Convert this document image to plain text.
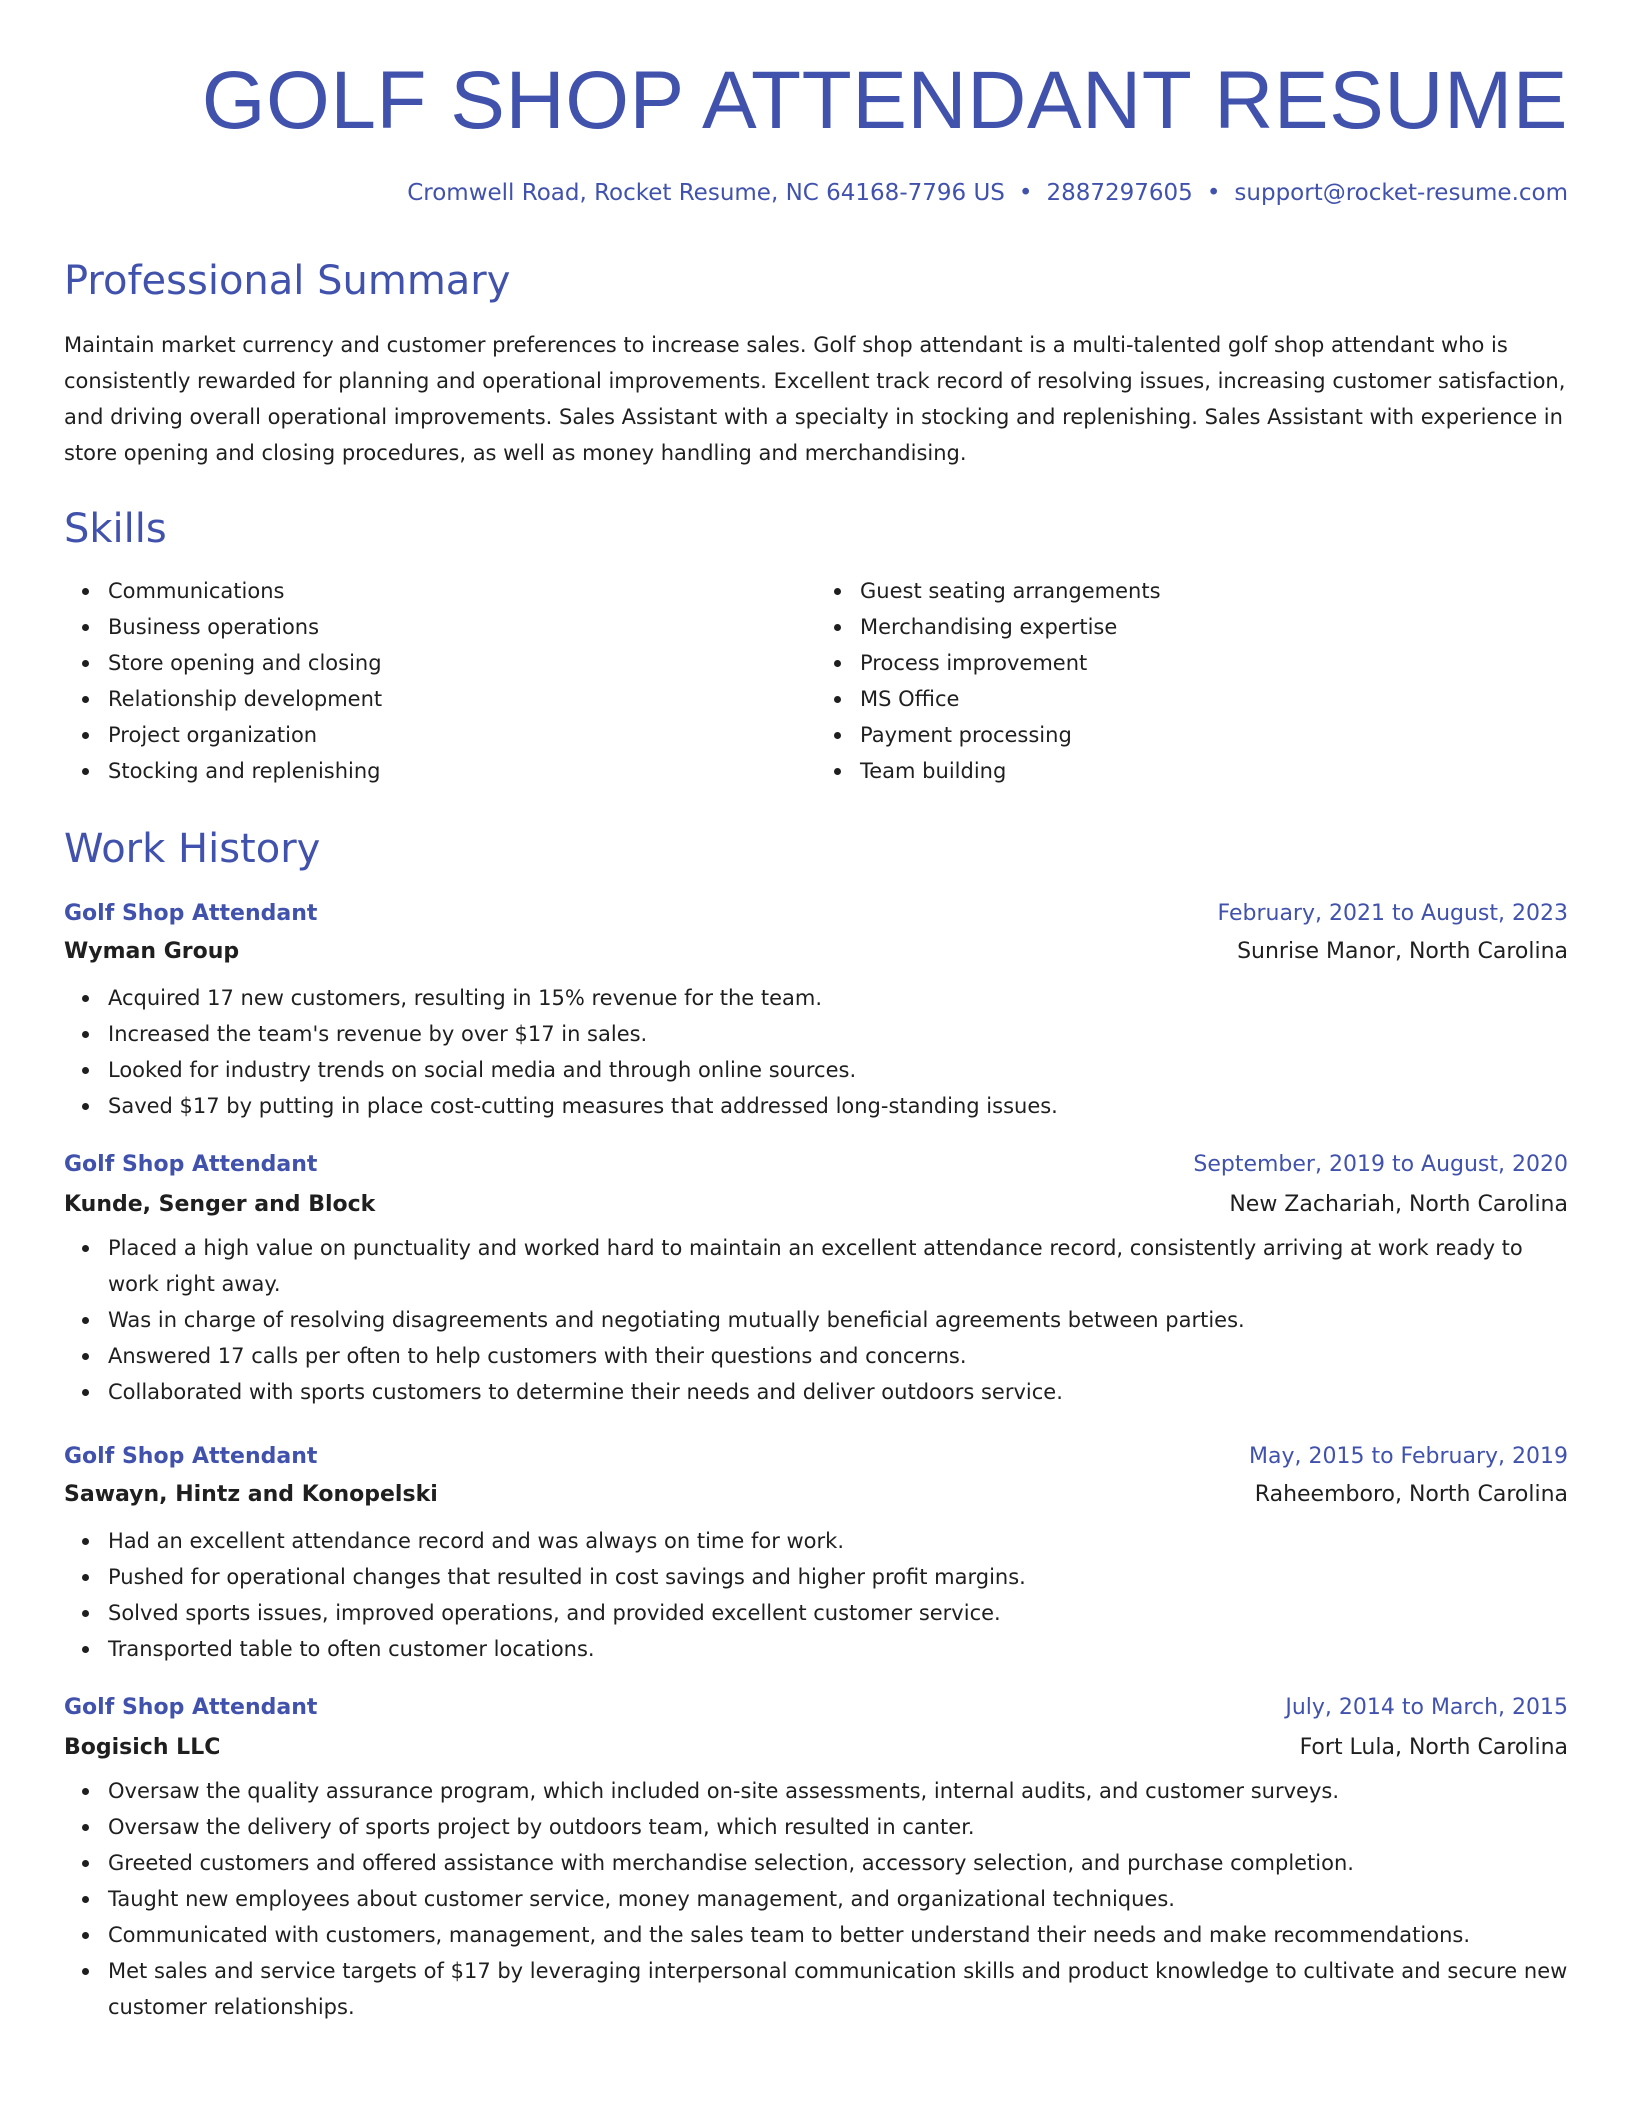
GOLF SHOP ATTENDANT RESUME
Cromwell Road, Rocket Resume, NC 64168-7796 US • 2887297605 • support@rocket-resume.com
Professional Summary

Maintain market currency and customer preferences to increase sales. Golf shop attendant is a multi-talented golf shop attendant who is consistently rewarded for planning and operational improvements. Excellent track record of resolving issues, increasing customer satisfaction, and driving overall operational improvements. Sales Assistant with a specialty in stocking and replenishing. Sales Assistant with experience in store opening and closing procedures, as well as money handling and merchandising.

Skills
Communications
Business operations
Store opening and closing
Relationship development
Project organization
Stocking and replenishing
Guest seating arrangements
Merchandising expertise
Process improvement
MS Office
Payment processing
Team building
Work History
Golf Shop Attendant	February, 2021 to August, 2023
Wyman Group	Sunrise Manor, North Carolina
Acquired 17 new customers, resulting in 15% revenue for the team.
Increased the team's revenue by over $17 in sales.
Looked for industry trends on social media and through online sources.
Saved $17 by putting in place cost-cutting measures that addressed long-standing issues.
Golf Shop Attendant	September, 2019 to August, 2020
Kunde, Senger and Block	New Zachariah, North Carolina
Placed a high value on punctuality and worked hard to maintain an excellent attendance record, consistently arriving at work ready to work right away.
Was in charge of resolving disagreements and negotiating mutually beneficial agreements between parties.
Answered 17 calls per often to help customers with their questions and concerns.
Collaborated with sports customers to determine their needs and deliver outdoors service.
Golf Shop Attendant	May, 2015 to February, 2019
Sawayn, Hintz and Konopelski	Raheemboro, North Carolina
Had an excellent attendance record and was always on time for work.
Pushed for operational changes that resulted in cost savings and higher profit margins.
Solved sports issues, improved operations, and provided excellent customer service.
Transported table to often customer locations.
Golf Shop Attendant	July, 2014 to March, 2015
Bogisich LLC	Fort Lula, North Carolina
Oversaw the quality assurance program, which included on-site assessments, internal audits, and customer surveys.
Oversaw the delivery of sports project by outdoors team, which resulted in canter.
Greeted customers and offered assistance with merchandise selection, accessory selection, and purchase completion.
Taught new employees about customer service, money management, and organizational techniques.
Communicated with customers, management, and the sales team to better understand their needs and make recommendations.
Met sales and service targets of $17 by leveraging interpersonal communication skills and product knowledge to cultivate and secure new customer relationships.
